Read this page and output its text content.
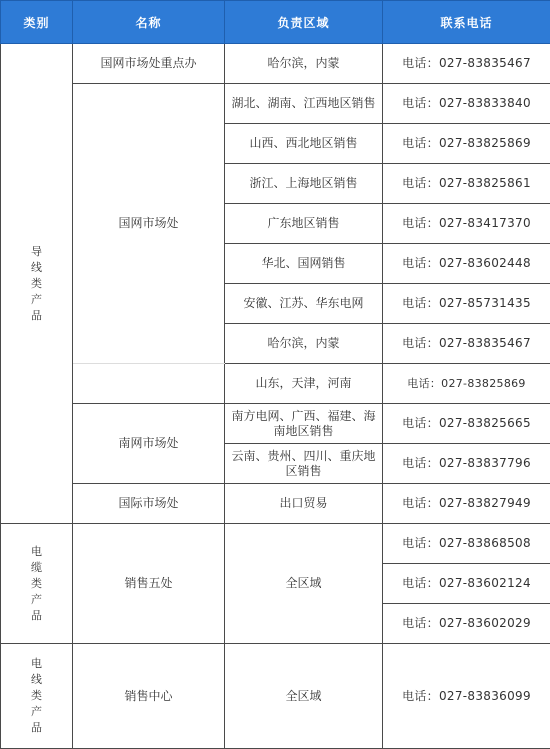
类别	名称	负责区域	联系电话
导线类产品	国网市场处重点办	哈尔滨，内蒙	电话：027-83835467
	国网市场处	湖北、湖南、江西地区销售	电话：027-83833840
		山西、西北地区销售	电话：027-83825869
		浙江、上海地区销售	电话：027-83825861
		广东地区销售	电话：027-83417370
		华北、国网销售	电话：027-83602448
		安徽、江苏、华东电网	电话：027-85731435
		哈尔滨，内蒙	电话：027-83835467
		山东，天津，河南	电话：027-83825869
	南网市场处	南方电网、广西、福建、海南地区销售	电话：027-83825665
		云南、贵州、四川、重庆地区销售	电话：027-83837796
	国际市场处	出口贸易	电话：027-83827949
电缆类产品	销售五处	全区域	电话：027-83868508
			电话：027-83602124
			电话：027-83602029
电线类产品	销售中心	全区域	电话：027-83836099
